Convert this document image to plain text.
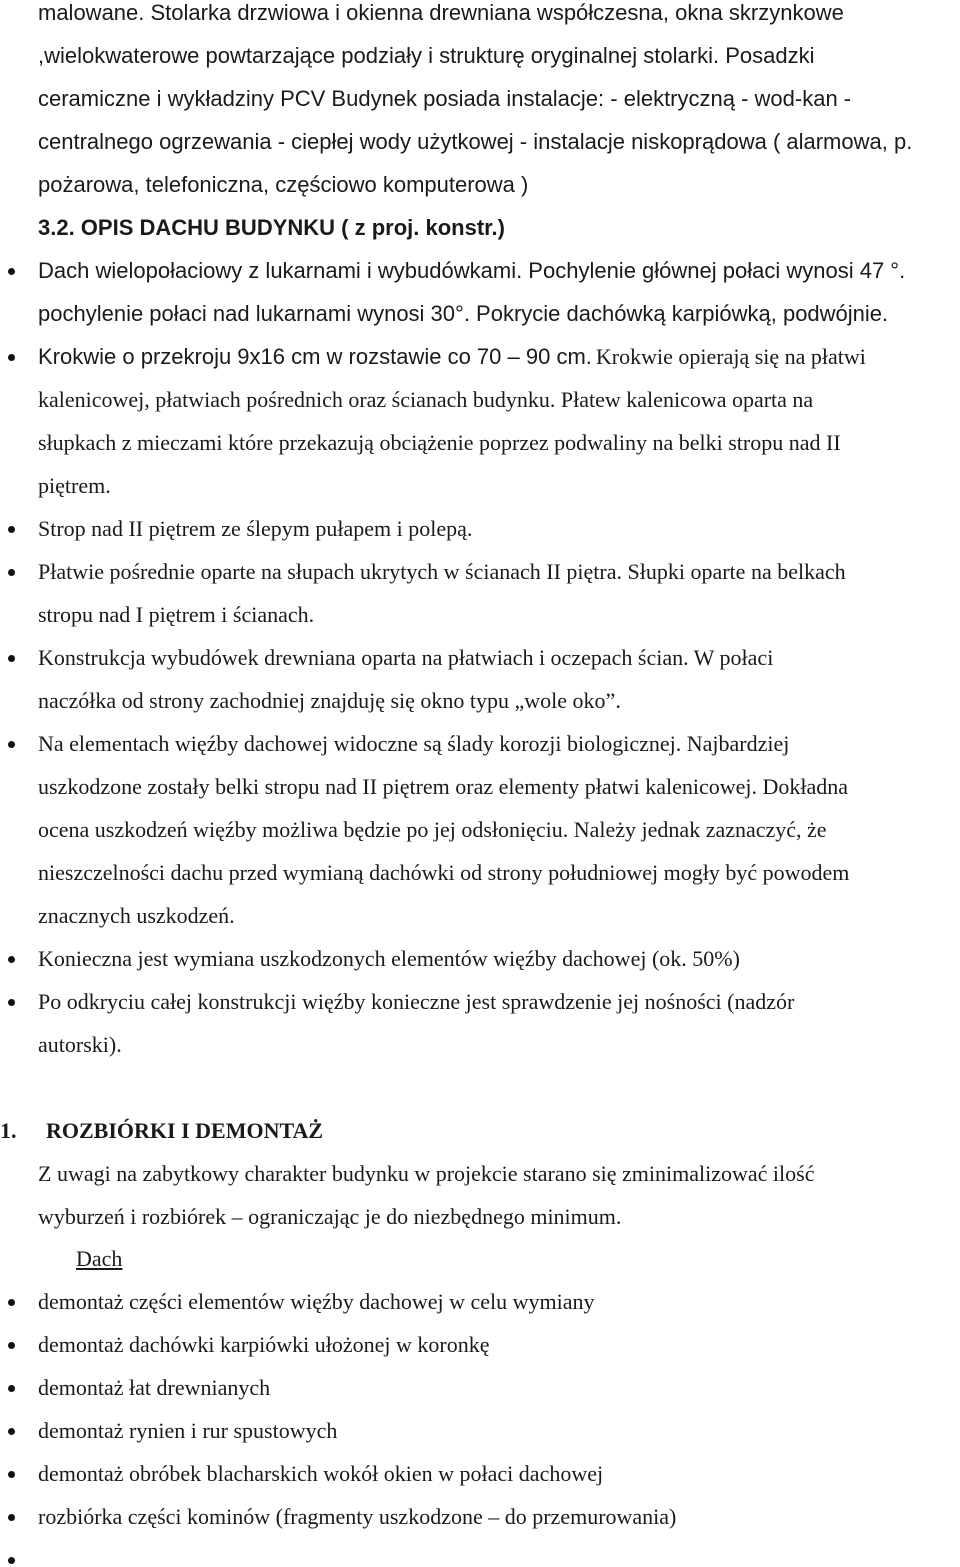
malowane. Stolarka drzwiowa i okienna drewniana współczesna, okna skrzynkowe
,wielokwaterowe powtarzające podziały i strukturę oryginalnej stolarki. Posadzki
ceramiczne i wykładziny PCV Budynek posiada instalacje: - elektryczną - wod-kan -
centralnego ogrzewania - ciepłej wody użytkowej - instalacje niskoprądowa ( alarmowa, p.
pożarowa, telefoniczna, częściowo komputerowa )
3.2. OPIS DACHU BUDYNKU ( z proj. konstr.)
Dach wielopołaciowy z lukarnami i wybudówkami. Pochylenie głównej połaci wynosi 47 °.
pochylenie połaci nad lukarnami wynosi 30°. Pokrycie dachówką karpiówką, podwójnie.
Krokwie o przekroju 9x16 cm w rozstawie co 70 – 90 cm. Krokwie opierają się na płatwi
kalenicowej, płatwiach pośrednich oraz ścianach budynku. Płatew kalenicowa oparta na
słupkach z mieczami które przekazują obciążenie poprzez podwaliny na belki stropu nad II
piętrem.
Strop nad II piętrem ze ślepym pułapem i polepą.
Płatwie pośrednie oparte na słupach ukrytych w ścianach II piętra. Słupki oparte na belkach
stropu nad I piętrem i ścianach.
Konstrukcja wybudówek drewniana oparta na płatwiach i oczepach ścian. W połaci
naczółka od strony zachodniej znajduję się okno typu „wole oko”.
Na elementach więźby dachowej widoczne są ślady korozji biologicznej. Najbardziej
uszkodzone zostały belki stropu nad II piętrem oraz elementy płatwi kalenicowej. Dokładna
ocena uszkodzeń więźby możliwa będzie po jej odsłonięciu. Należy jednak zaznaczyć, że
nieszczelności dachu przed wymianą dachówki od strony południowej mogły być powodem
znacznych uszkodzeń.
Konieczna jest wymiana uszkodzonych elementów więźby dachowej (ok. 50%)
Po odkryciu całej konstrukcji więźby konieczne jest sprawdzenie jej nośności (nadzór
autorski).
1. ROZBIÓRKI I DEMONTAŻ
Z uwagi na zabytkowy charakter budynku w projekcie starano się zminimalizować ilość
wyburzeń i rozbiórek – ograniczając je do niezbędnego minimum.
Dach
demontaż części elementów więźby dachowej w celu wymiany
demontaż dachówki karpiówki ułożonej w koronkę
demontaż łat drewnianych
demontaż rynien i rur spustowych
demontaż obróbek blacharskich wokół okien w połaci dachowej
rozbiórka części kominów (fragmenty uszkodzone – do przemurowania)
